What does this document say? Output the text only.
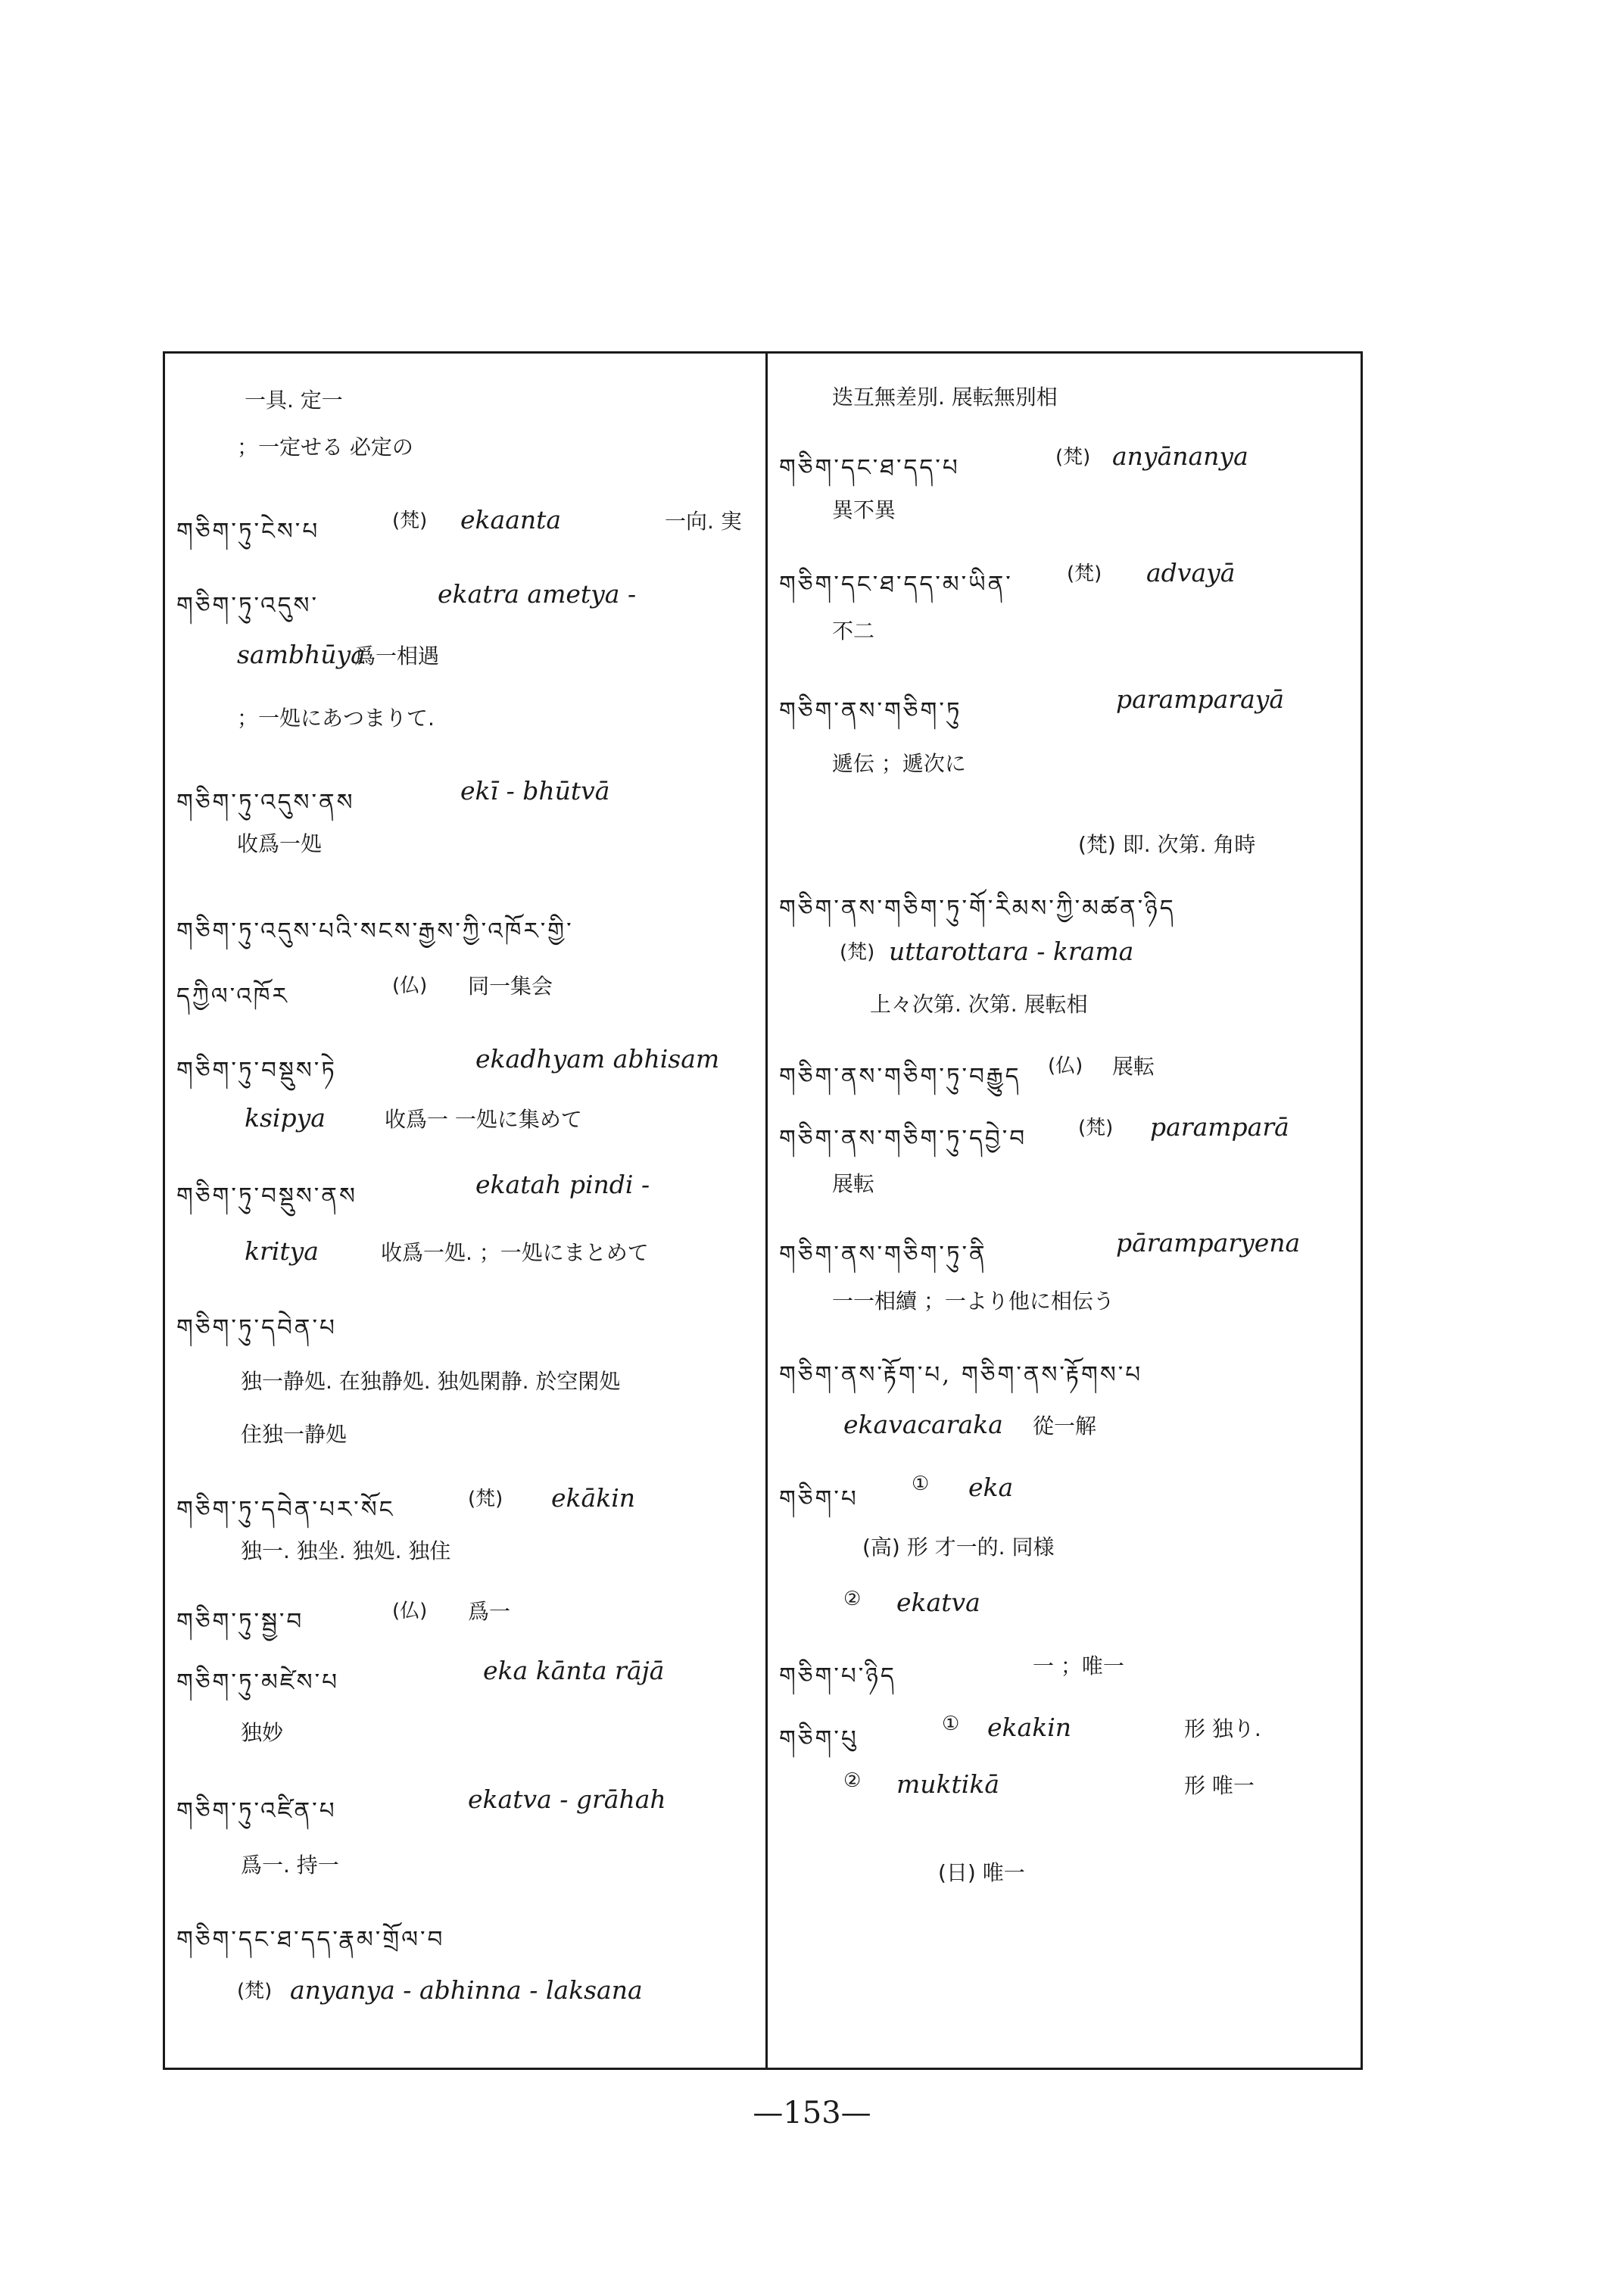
一具. 定一
；一定せる 必定の
གཅིག་ཏུ་ངེས་པ	(梵) ekaanta	一向. 実
གཅིག་ཏུ་འདུས་	ekatra ametya -
sambhūya
爲一相遇
；一処にあつまりて.
གཅིག་ཏུ་འདུས་ནས	ekī - bhūtvā
收爲一処
གཅིག་ཏུ་འདུས་པའི་སངས་རྒྱས་ཀྱི་འཁོར་གྱི་
དཀྱིལ་འཁོར	(仏) 同一集会
གཅིག་ཏུ་བསྡུས་ཏེ	ekadhyam abhisam
ksipya	收爲一 一処に集めて
གཅིག་ཏུ་བསྡུས་ནས	ekatah pindi -
kritya	收爲一処. ；一処にまとめて
གཅིག་ཏུ་དབེན་པ
独一静処. 在独静処. 独処閑静. 於空閑処
住独一静処
གཅིག་ཏུ་དབེན་པར་སོང	(梵) ekākin
独一. 独坐. 独処. 独住
གཅིག་ཏུ་སྦྱ་བ	(仏) 爲一
གཅིག་ཏུ་མཛེས་པ	eka kānta rājā
独妙
གཅིག་ཏུ་འཛིན་པ	ekatva - grāhah
爲一. 持一
གཅིག་དང་ཐ་དད་རྣམ་གྲོལ་བ
(梵) anyanya - abhinna - laksana
迭互無差別. 展転無別相
གཅིག་དང་ཐ་དད་པ	(梵) anyānanya
異不異
གཅིག་དང་ཐ་དད་མ་ཡིན་	(梵) advayā
不二
གཅིག་ནས་གཅིག་ཏུ	paramparayā
遞伝 ；遞次に
(梵) 即. 次第. 角時
གཅིག་ནས་གཅིག་ཏུ་གོ་རིམས་ཀྱི་མཚན་ཉིད
(梵) uttarottara - krama
上々次第. 次第. 展転相
གཅིག་ནས་གཅིག་ཏུ་བརྒྱུད (仏) 展転
གཅིག་ནས་གཅིག་ཏུ་དབྱེ་བ	(梵) paramparā
展転
གཅིག་ནས་གཅིག་ཏུ་ནི	pāramparyena
一一相續 ；一より他に相伝う
གཅིག་ནས་རྟོག་པ, གཅིག་ནས་རྟོགས་པ
ekavacaraka 從一解
གཅིག་པ
① eka
(高) 形 才一的. 同様
② ekatva
གཅིག་པ་ཉིད	一 ；唯一
གཅིག་པུ
① ekakin	形 独り.
② muktikā	形 唯一
(日) 唯一
—153—
